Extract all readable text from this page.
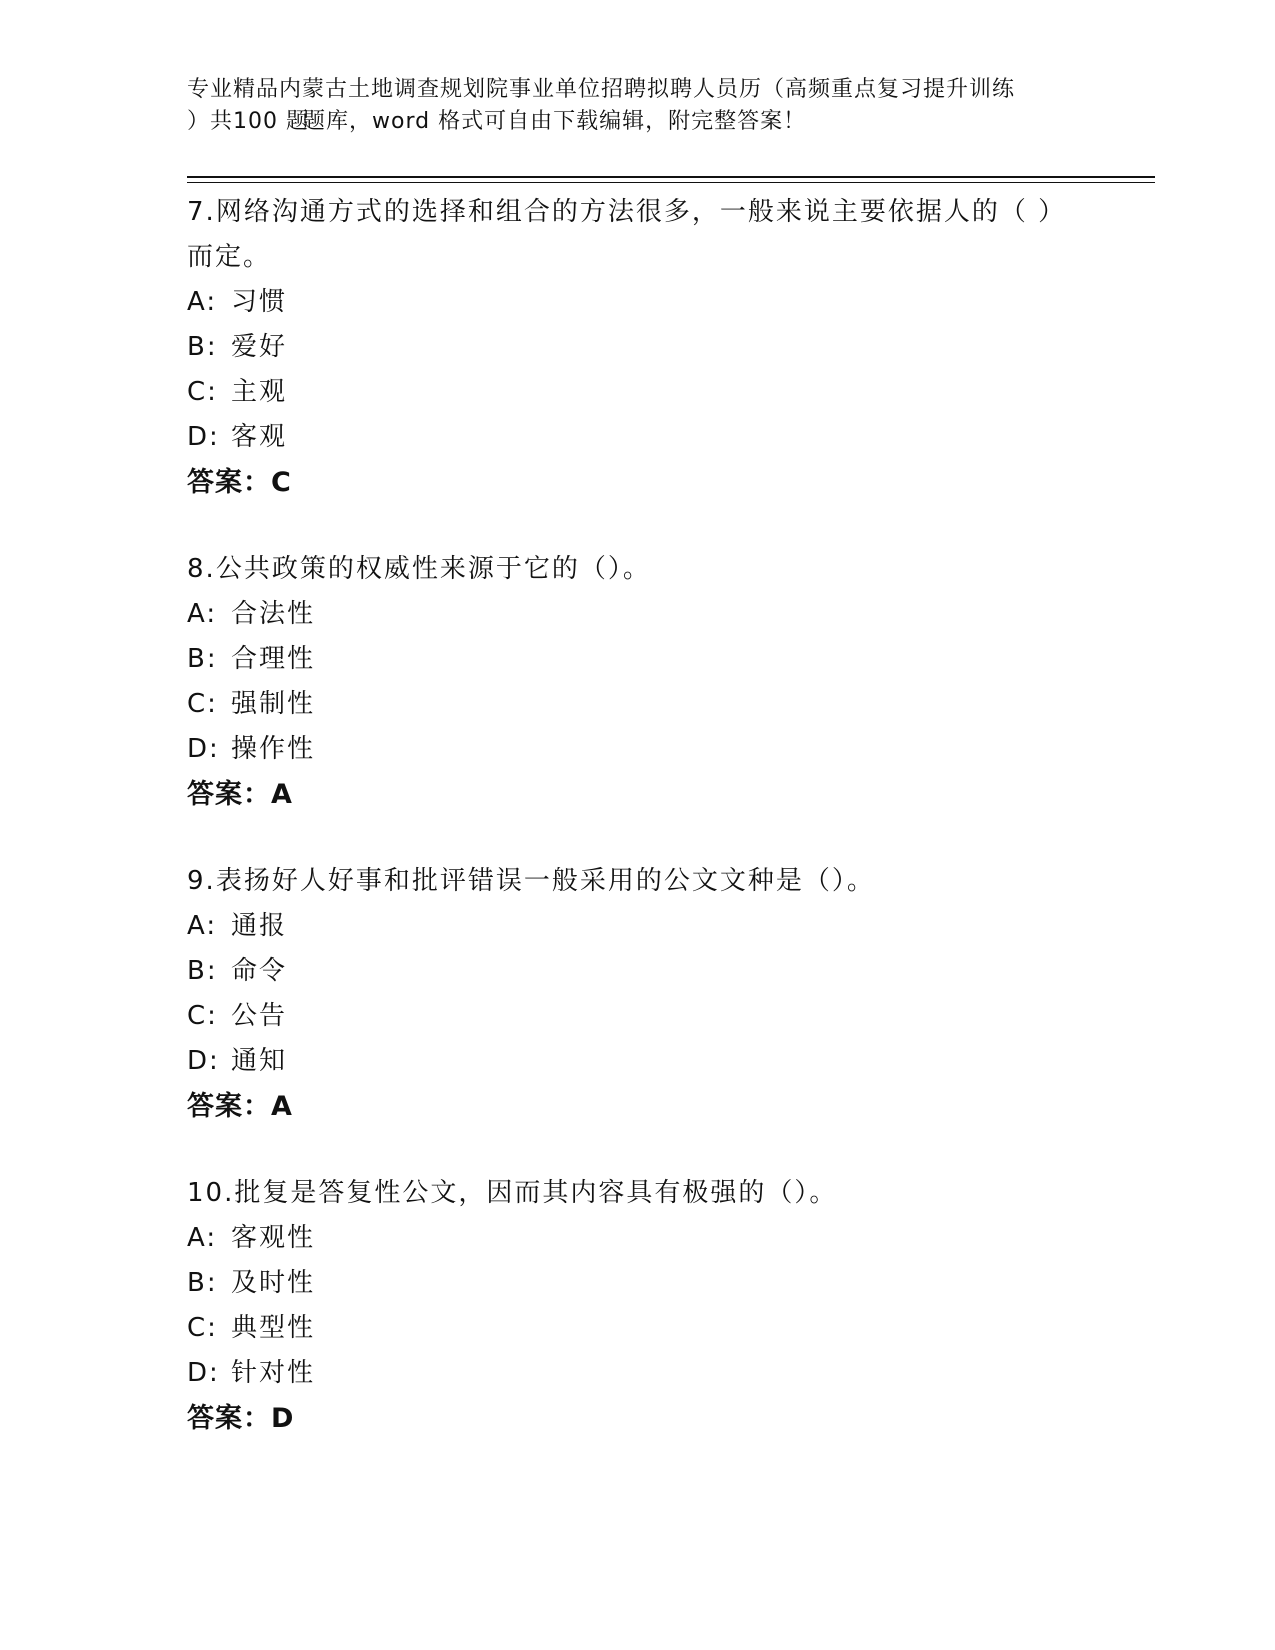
专业精品内蒙古土地调查规划院事业单位招聘拟聘人员历（高频重点复习提升训练
）共100 题题库，word 格式可自由下载编辑，附完整答案！
7.网络沟通方式的选择和组合的方法很多，一般来说主要依据人的（ ）而定。
A: 习惯
B: 爱好
C: 主观
D: 客观
答案：C
8.公共政策的权威性来源于它的（）。
A: 合法性
B: 合理性
C: 强制性
D: 操作性
答案：A
9.表扬好人好事和批评错误一般采用的公文文种是（）。
A: 通报
B: 命令
C: 公告
D: 通知
答案：A
10.批复是答复性公文，因而其内容具有极强的（）。
A: 客观性
B: 及时性
C: 典型性
D: 针对性
答案：D
